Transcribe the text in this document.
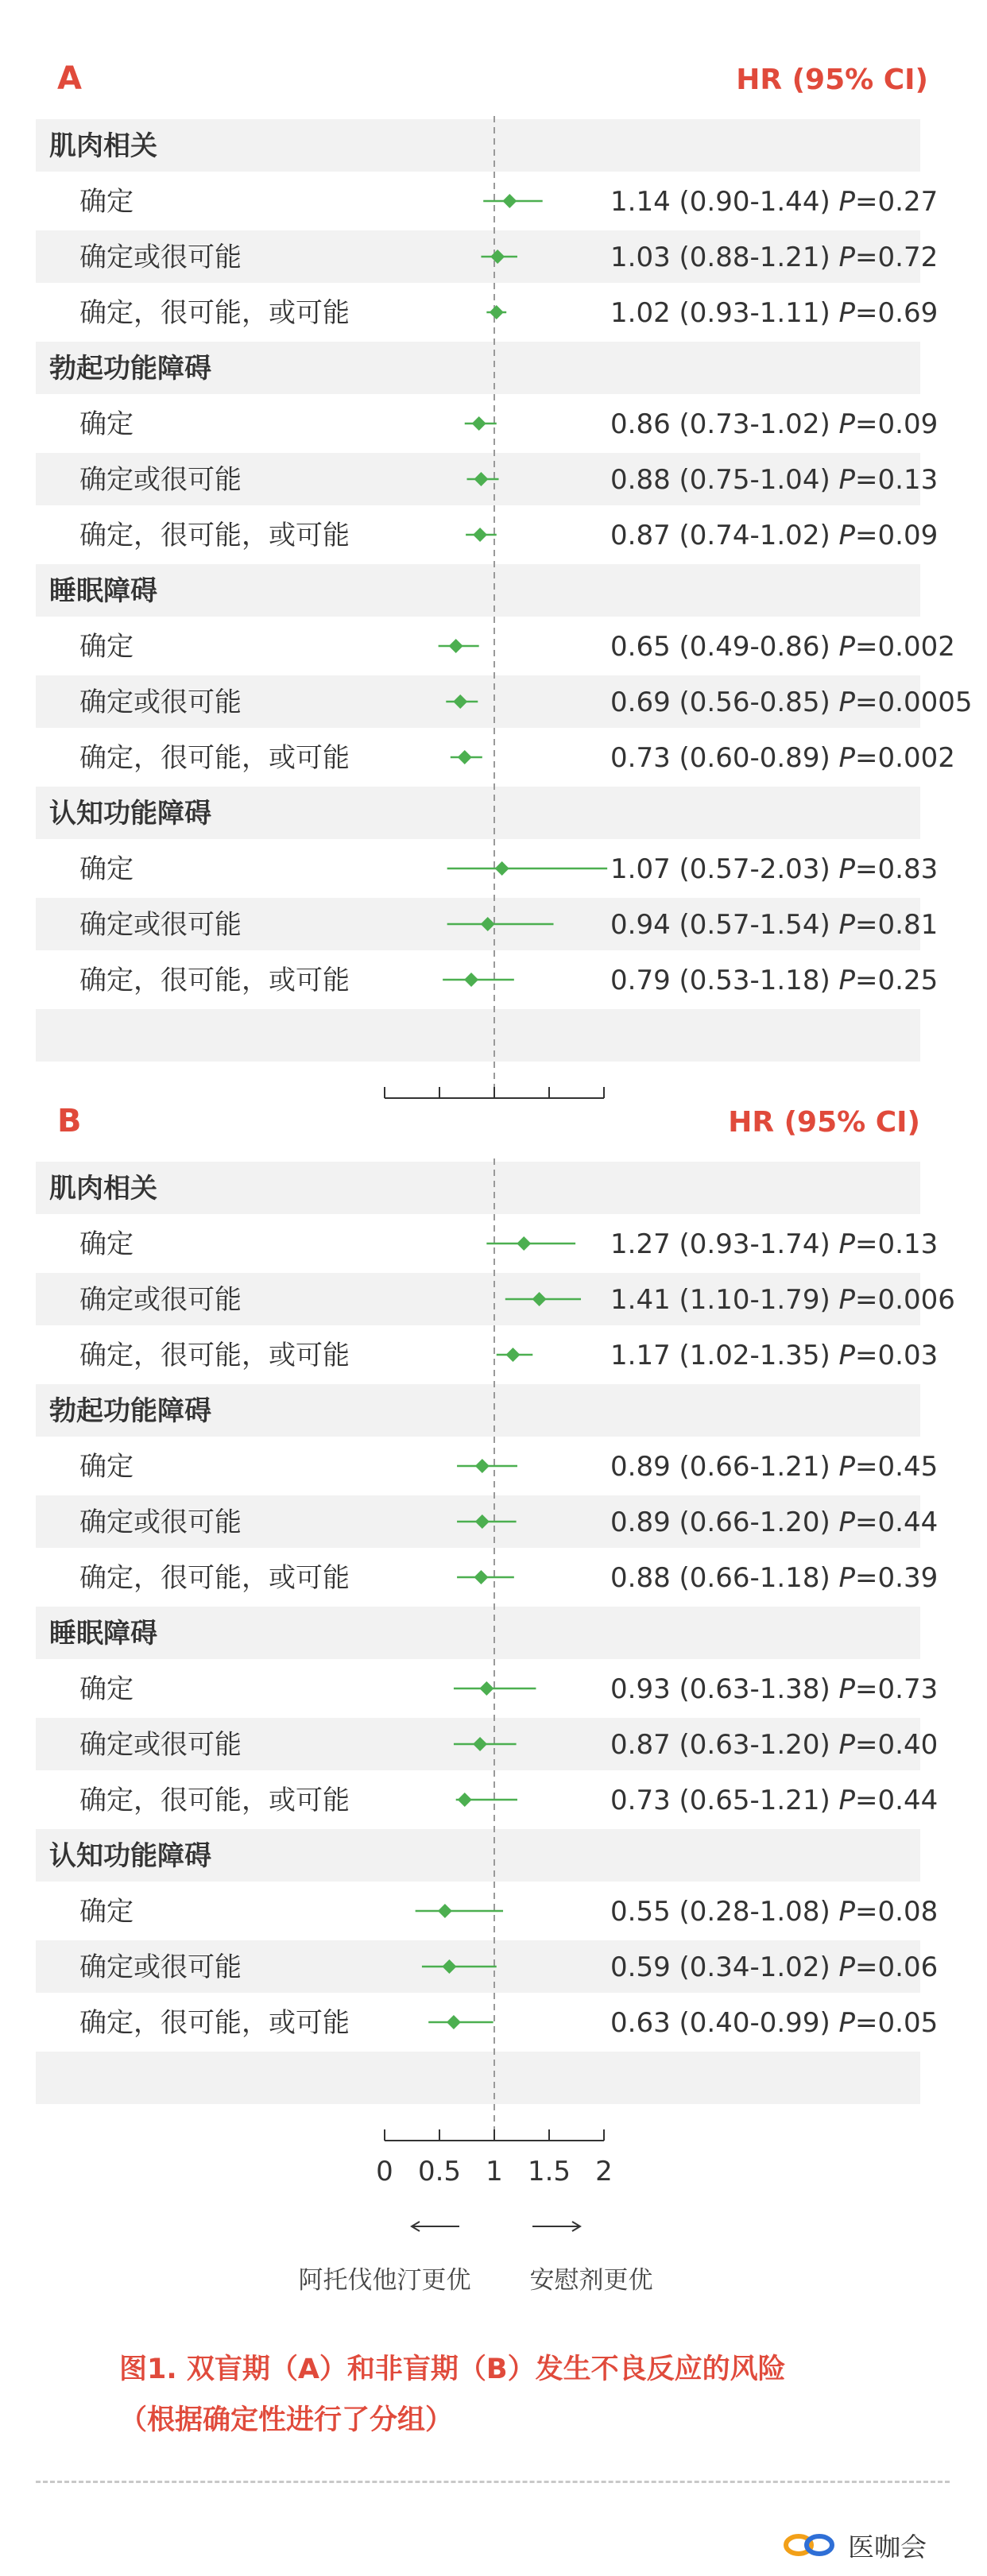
A	HR (95% CI)
肌肉相关
确定	1.14 (0.90-1.44) P=0.27
确定或很可能	1.03 (0.88-1.21) P=0.72
确定，很可能，或可能	1.02 (0.93-1.11) P=0.69
勃起功能障碍
确定	0.86 (0.73-1.02) P=0.09
确定或很可能	0.88 (0.75-1.04) P=0.13
确定，很可能，或可能	0.87 (0.74-1.02) P=0.09
睡眠障碍
确定	0.65 (0.49-0.86) P=0.002
确定或很可能	0.69 (0.56-0.85) P=0.0005
确定，很可能，或可能	0.73 (0.60-0.89) P=0.002
认知功能障碍
确定	1.07 (0.57-2.03) P=0.83
确定或很可能	0.94 (0.57-1.54) P=0.81
确定，很可能，或可能	0.79 (0.53-1.18) P=0.25
B	HR (95% CI)
肌肉相关
确定	1.27 (0.93-1.74) P=0.13
确定或很可能	1.41 (1.10-1.79) P=0.006
确定，很可能，或可能	1.17 (1.02-1.35) P=0.03
勃起功能障碍
确定	0.89 (0.66-1.21) P=0.45
确定或很可能	0.89 (0.66-1.20) P=0.44
确定，很可能，或可能	0.88 (0.66-1.18) P=0.39
睡眠障碍
确定	0.93 (0.63-1.38) P=0.73
确定或很可能	0.87 (0.63-1.20) P=0.40
确定，很可能，或可能	0.73 (0.65-1.21) P=0.44
认知功能障碍
确定	0.55 (0.28-1.08) P=0.08
确定或很可能	0.59 (0.34-1.02) P=0.06
确定，很可能，或可能	0.63 (0.40-0.99) P=0.05
0 0.5 1 1.5 2
阿托伐他汀更优 安慰剂更优
图1. 双盲期（A）和非盲期（B）发生不良反应的风险
（根据确定性进行了分组）
医咖会
